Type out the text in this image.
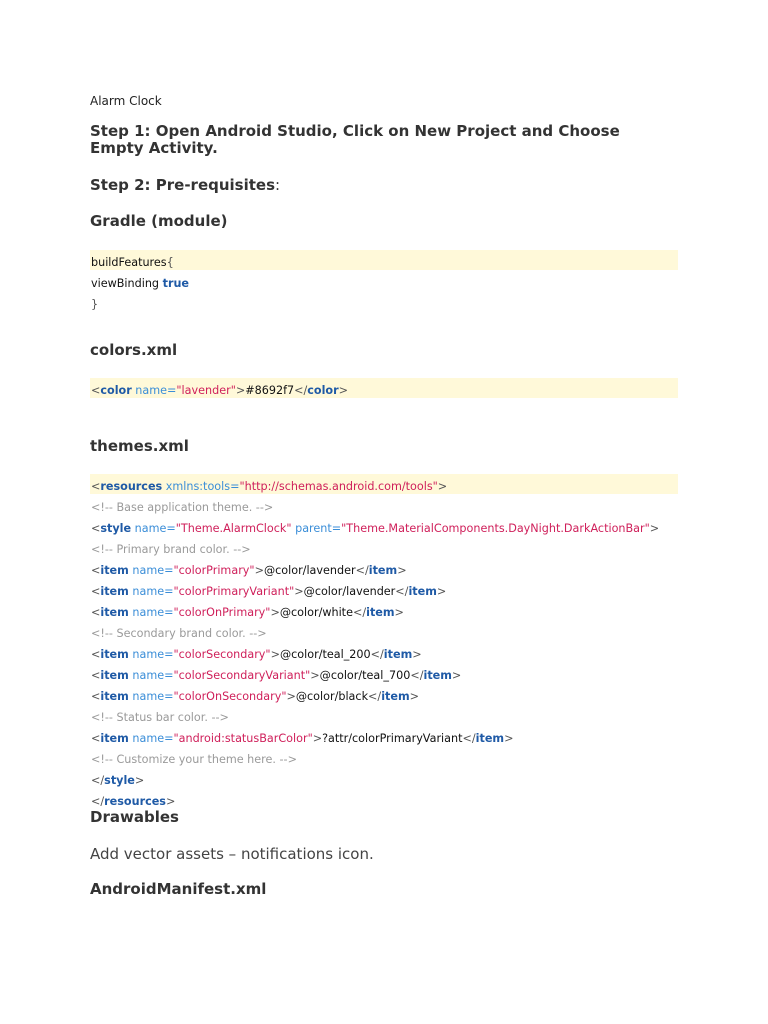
Alarm Clock
Step 1: Open Android Studio, Click on New Project and Choose
Empty Activity.
Step 2: Pre-requisites:
Gradle (module)
buildFeatures{
viewBinding true
}
colors.xml
<color name="lavender">#8692f7</color>
themes.xml
<resources xmlns:tools="http://schemas.android.com/tools">
<!-- Base application theme. -->
<style name="Theme.AlarmClock" parent="Theme.MaterialComponents.DayNight.DarkActionBar">
<!-- Primary brand color. -->
<item name="colorPrimary">@color/lavender</item>
<item name="colorPrimaryVariant">@color/lavender</item>
<item name="colorOnPrimary">@color/white</item>
<!-- Secondary brand color. -->
<item name="colorSecondary">@color/teal_200</item>
<item name="colorSecondaryVariant">@color/teal_700</item>
<item name="colorOnSecondary">@color/black</item>
<!-- Status bar color. -->
<item name="android:statusBarColor">?attr/colorPrimaryVariant</item>
<!-- Customize your theme here. -->
</style>
</resources>
Drawables
Add vector assets – notifications icon.
AndroidManifest.xml
